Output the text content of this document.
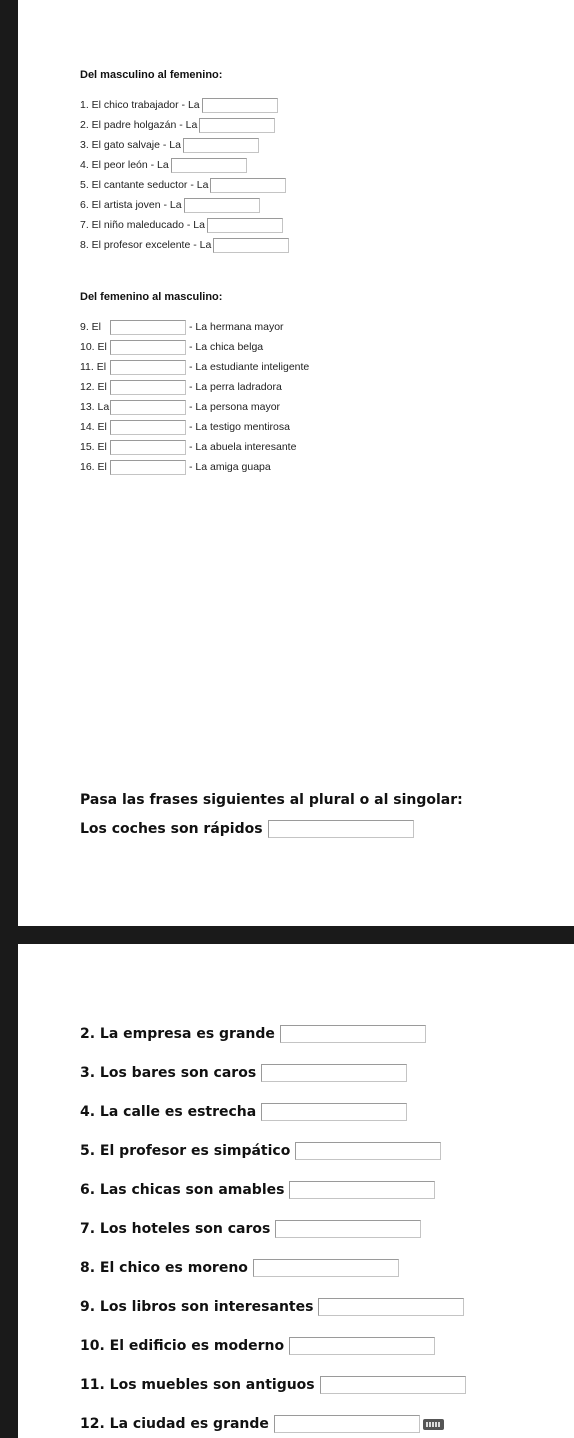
Del masculino al femenino:
1. El chico trabajador - La
2. El padre holgazán - La
3. El gato salvaje - La
4. El peor león - La
5. El cantante seductor - La
6. El artista joven - La
7. El niño maleducado - La
8. El profesor excelente - La
Del femenino al masculino:
9. El	- La hermana mayor
10. El	- La chica belga
11. El	- La estudiante inteligente
12. El	- La perra ladradora
13. La	- La persona mayor
14. El	- La testigo mentirosa
15. El	- La abuela interesante
16. El	- La amiga guapa
Pasa las frases siguientes al plural o al singolar:
Los coches son rápidos
2. La empresa es grande
3. Los bares son caros
4. La calle es estrecha
5. El profesor es simpático
6. Las chicas son amables
7. Los hoteles son caros
8. El chico es moreno
9. Los libros son interesantes
10. El edificio es moderno
11. Los muebles son antiguos
12. La ciudad es grande
